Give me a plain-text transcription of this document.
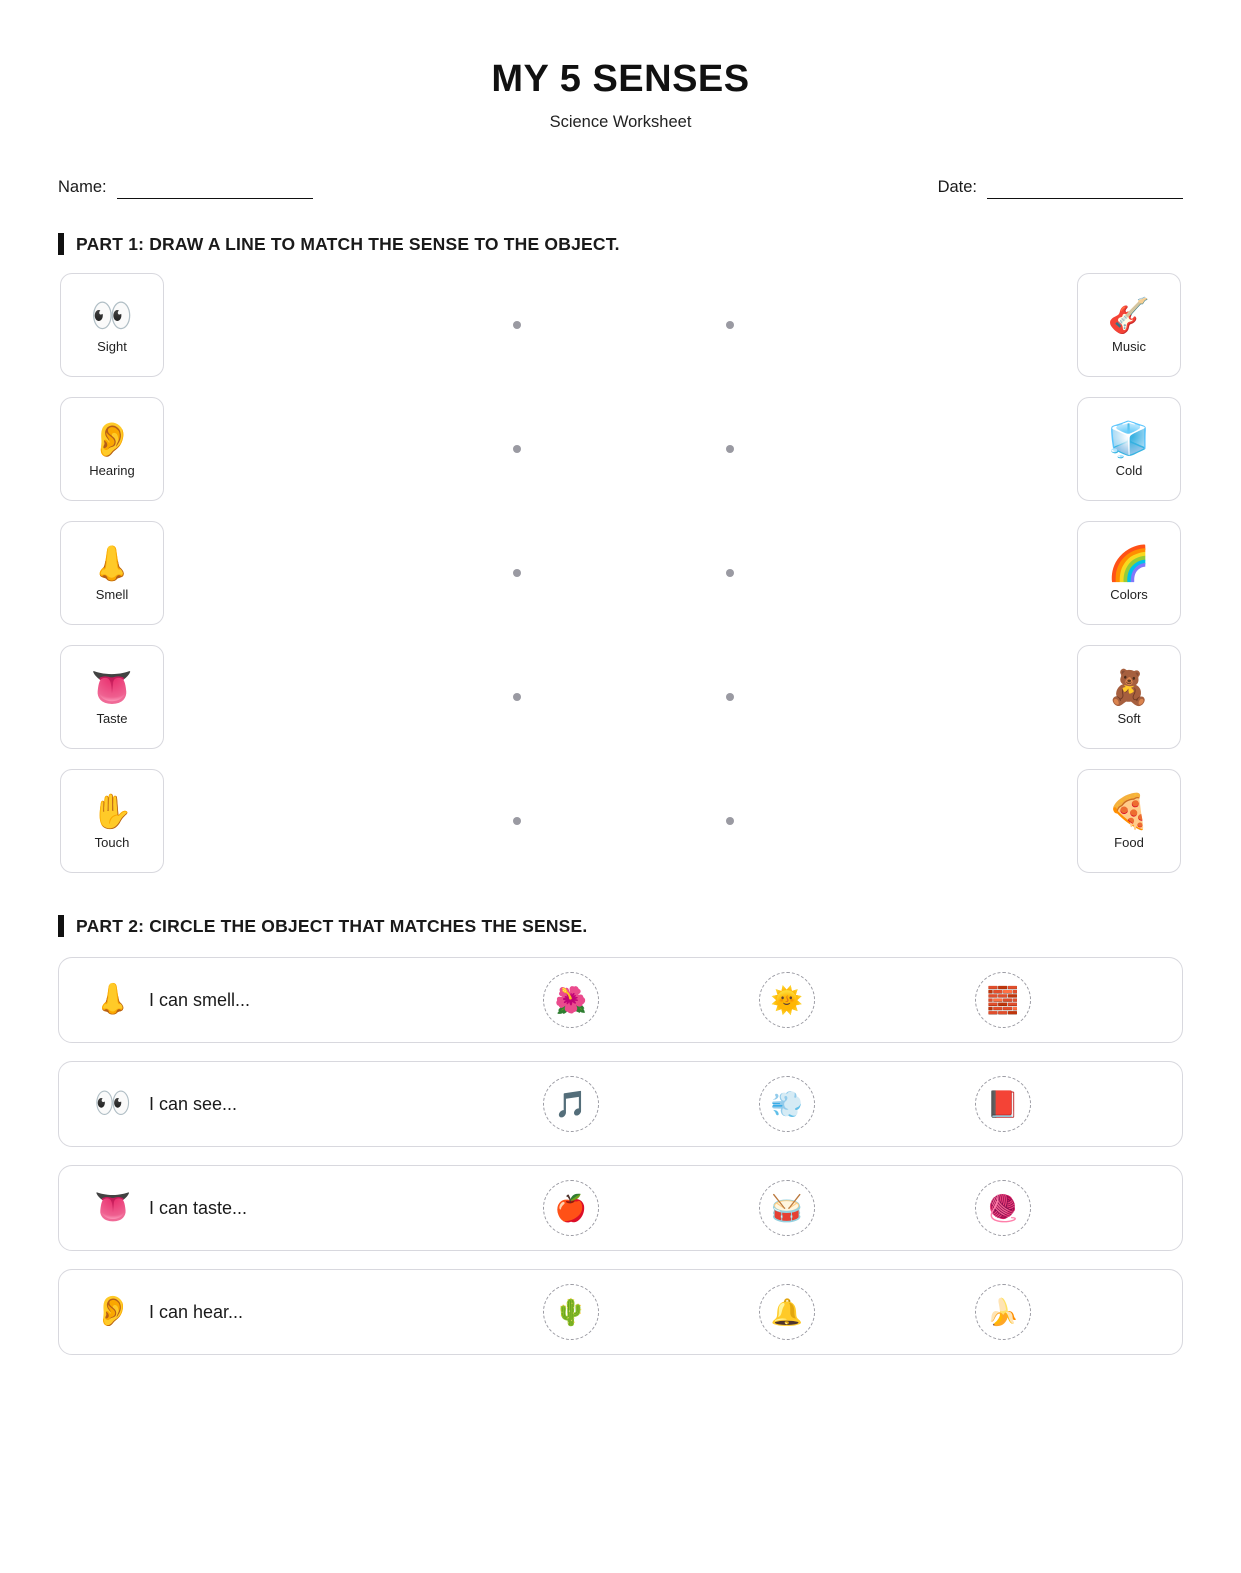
MY 5 SENSES
Science Worksheet
Name:	Date:
PART 1: DRAW A LINE TO MATCH THE SENSE TO THE OBJECT.
👀
Sight
👂
Hearing
👃
Smell
👅
Taste
✋
Touch
🎸
Music
🧊
Cold
🌈
Colors
🧸
Soft
🍕
Food
PART 2: CIRCLE THE OBJECT THAT MATCHES THE SENSE.
👃 I can smell...	🌺	🌞	🧱
👀 I can see...	🎵	💨	📕
👅 I can taste...	🍎	🥁	🧶
👂 I can hear...	🌵	🔔	🍌
